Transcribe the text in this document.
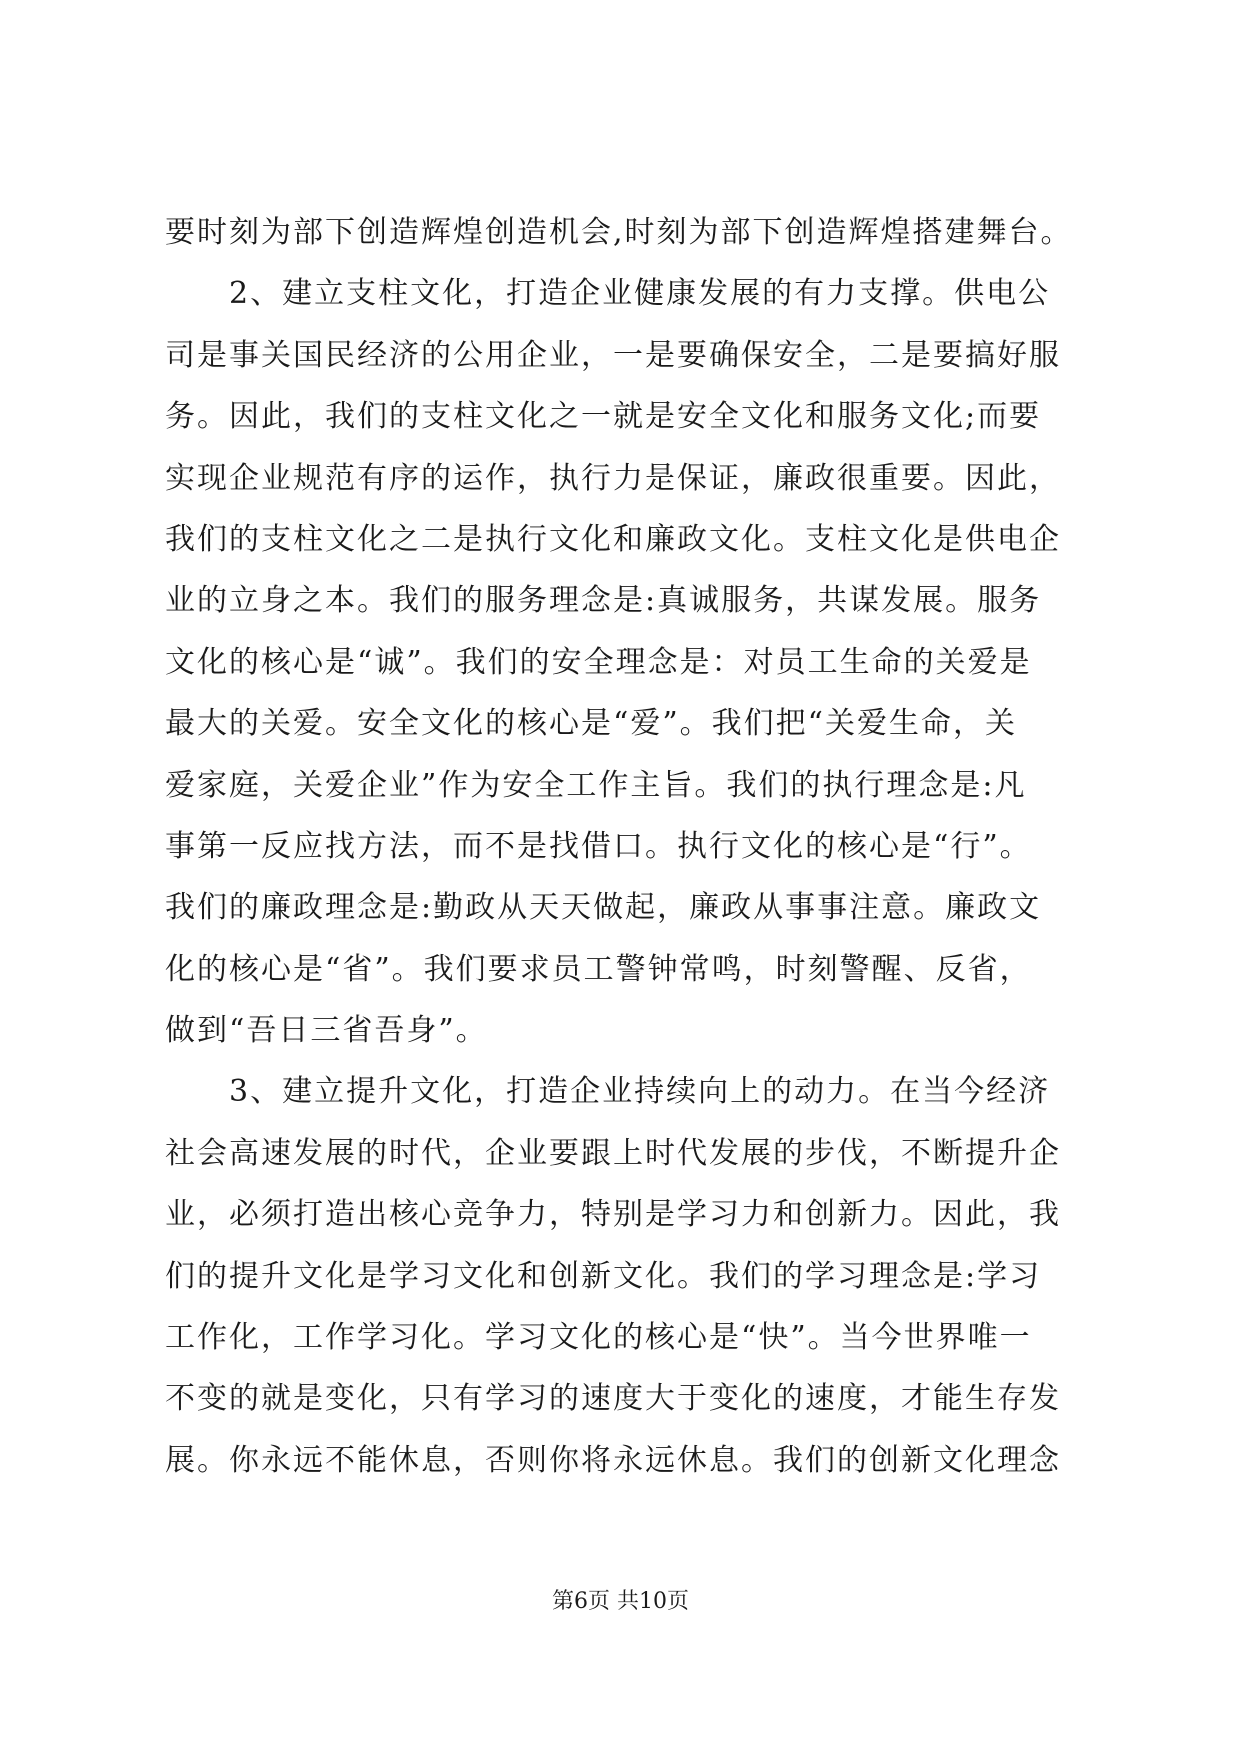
要时刻为部下创造辉煌创造机会,时刻为部下创造辉煌搭建舞台。
　　2、建立支柱文化，打造企业健康发展的有力支撑。供电公
司是事关国民经济的公用企业，一是要确保安全，二是要搞好服
务。因此，我们的支柱文化之一就是安全文化和服务文化;而要
实现企业规范有序的运作，执行力是保证，廉政很重要。因此，
我们的支柱文化之二是执行文化和廉政文化。支柱文化是供电企
业的立身之本。我们的服务理念是:真诚服务，共谋发展。服务
文化的核心是“诚”。我们的安全理念是：对员工生命的关爱是
最大的关爱。安全文化的核心是“爱”。我们把“关爱生命，关
爱家庭，关爱企业”作为安全工作主旨。我们的执行理念是:凡
事第一反应找方法，而不是找借口。执行文化的核心是“行”。
我们的廉政理念是:勤政从天天做起，廉政从事事注意。廉政文
化的核心是“省”。我们要求员工警钟常鸣，时刻警醒、反省，
做到“吾日三省吾身”。
　　3、建立提升文化，打造企业持续向上的动力。在当今经济
社会高速发展的时代，企业要跟上时代发展的步伐，不断提升企
业，必须打造出核心竞争力，特别是学习力和创新力。因此，我
们的提升文化是学习文化和创新文化。我们的学习理念是:学习
工作化，工作学习化。学习文化的核心是“快”。当今世界唯一
不变的就是变化，只有学习的速度大于变化的速度，才能生存发
展。你永远不能休息，否则你将永远休息。我们的创新文化理念
第6页 共10页
